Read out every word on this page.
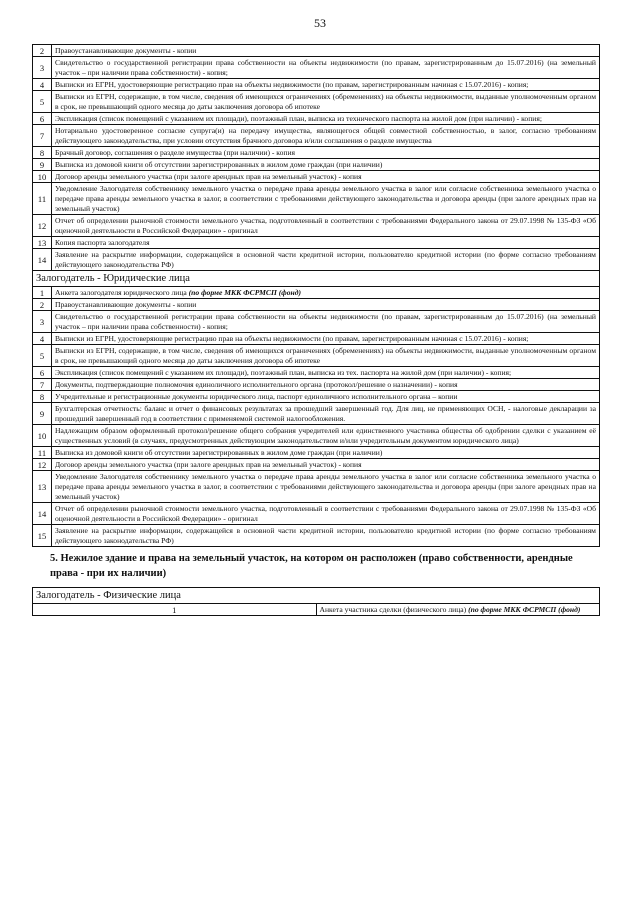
53
2	Правоустанавливающие документы - копии
3	Свидетельство о государственной регистрации права собственности на объекты недвижимости (по правам, зарегистрированным до 15.07.2016) (на земельный участок – при наличии права собственности) - копия;
4	Выписки из ЕГРН, удостоверяющие регистрацию прав на объекты недвижимости (по правам, зарегистрированным начиная с 15.07.2016) - копия;
5	Выписки из ЕГРН, содержащие, в том числе, сведения об имеющихся ограничениях (обременениях) на объекты недвижимости, выданные уполномоченным органом в срок, не превышающий одного месяца до даты заключения договора об ипотеке
6	Экспликация (список помещений с указанием их площади), поэтажный план, выписка из технического паспорта на жилой дом (при наличии) - копия;
7	Нотариально удостоверенное согласие супруга(и) на передачу имущества, являющегося общей совместной собственностью, в залог, согласно требованиям действующего законодательства, при условии отсутствия брачного договора и/или соглашения о разделе имущества
8	Брачный договор, соглашения о разделе имущества (при наличии) - копия
9	Выписка из домовой книги об отсутствии зарегистрированных в жилом доме граждан (при наличии)
10	Договор аренды земельного участка (при залоге арендных прав на земельный участок) - копия
11	Уведомление Залогодателя собственнику земельного участка о передаче права аренды земельного участка в залог или согласие собственника земельного участка о передаче права аренды земельного участка в залог, в соответствии с требованиями действующего законодательства и договора аренды (при залоге арендных прав на земельный участок)
12	Отчет об определении рыночной стоимости земельного участка, подготовленный в соответствии с требованиями Федерального закона от 29.07.1998 № 135-ФЗ «Об оценочной деятельности в Российской Федерации» - оригинал
13	Копия паспорта залогодателя
14	Заявление на раскрытие информации, содержащейся в основной части кредитной истории, пользователю кредитной истории (по форме согласно требованиям действующего законодательства РФ)
Залогодатель - Юридические лица	
1	Анкета залогодателя юридического лица (по форме МКК ФСРМСП (фонд)
2	Правоустанавливающие документы - копии
3	Свидетельство о государственной регистрации права собственности на объекты недвижимости (по правам, зарегистрированным до 15.07.2016) (на земельный участок – при наличии права собственности) - копия;
4	Выписки из ЕГРН, удостоверяющие регистрацию прав на объекты недвижимости (по правам, зарегистрированным начиная с 15.07.2016) - копия;
5	Выписки из ЕГРН, содержащие, в том числе, сведения об имеющихся ограничениях (обременениях) на объекты недвижимости, выданные уполномоченным органом в срок, не превышающий одного месяца до даты заключения договора об ипотеке
6	Экспликация (список помещений с указанием их площади), поэтажный план, выписка из тех. паспорта на жилой дом (при наличии) - копия;
7	Документы, подтверждающие полномочия единоличного исполнительного органа (протокол/решение о назначении) - копия
8	Учредительные и регистрационные документы юридического лица, паспорт единоличного исполнительного органа – копии
9	Бухгалтерская отчетность: баланс и отчет о финансовых результатах за прошедший завершенный год. Для лиц, не применяющих ОСН, - налоговые декларации за прошедший завершенный год в соответствии с применяемой системой налогообложения.
10	Надлежащим образом оформленный протокол/решение общего собрания учредителей или единственного участника общества об одобрении сделки с указанием её существенных условий (в случаях, предусмотренных действующим законодательством и/или учредительным документом юридического лица)
11	Выписка из домовой книги об отсутствии зарегистрированных в жилом доме граждан (при наличии)
12	Договор аренды земельного участка (при залоге арендных прав на земельный участок) - копия
13	Уведомление Залогодателя собственнику земельного участка о передаче права аренды земельного участка в залог или согласие собственника земельного участка о передаче права аренды земельного участка в залог, в соответствии с требованиями действующего законодательства и договора аренды (при залоге арендных прав на земельный участок)
14	Отчет об определении рыночной стоимости земельного участка, подготовленный в соответствии с требованиями Федерального закона от 29.07.1998 № 135-ФЗ «Об оценочной деятельности в Российской Федерации» - оригинал
15	Заявление на раскрытие информации, содержащейся в основной части кредитной истории, пользователю кредитной истории (по форме согласно требованиям действующего законодательства РФ)
5. Нежилое здание и права на земельный участок, на котором он расположен (право собственности, арендные права - при их наличии)
Залогодатель - Физические лица
1	Анкета участника сделки (физического лица) (по форме МКК ФСРМСП (фонд)
